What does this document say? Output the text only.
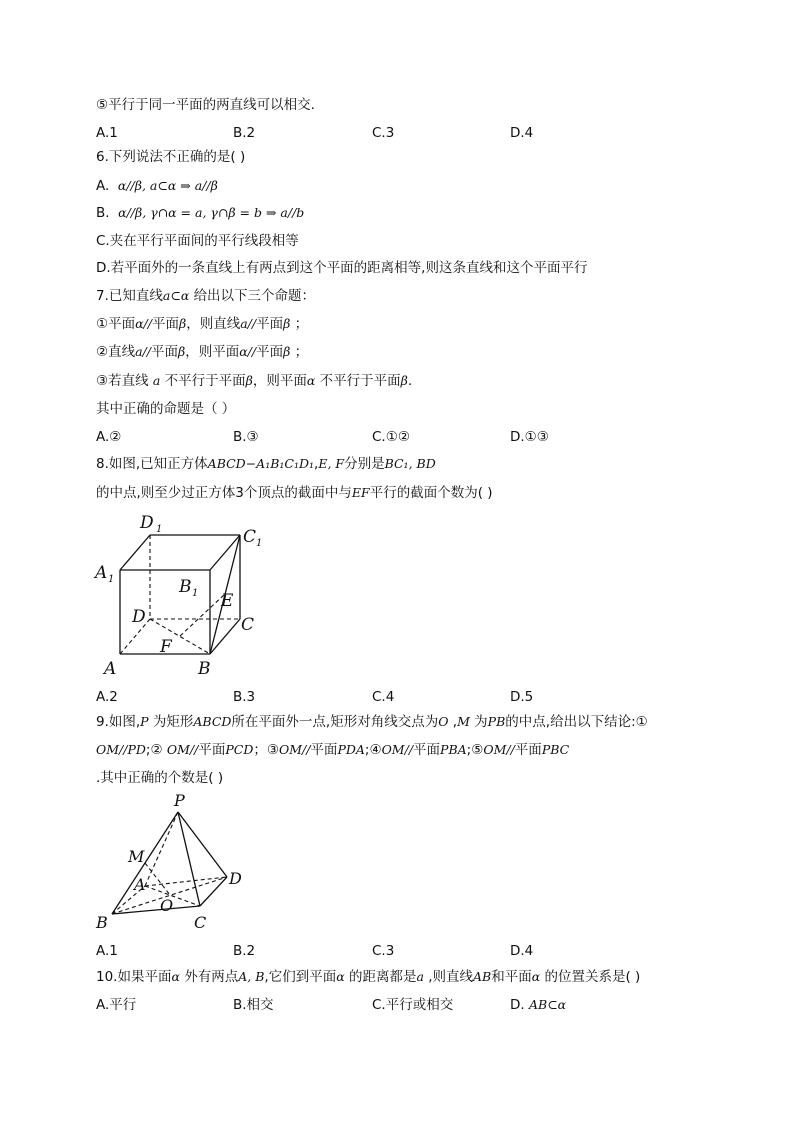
⑤平行于同一平面的两直线可以相交.
A.1	B.2	C.3	D.4
6.下列说法不正确的是( )
A. α//β, a⊂α ⇒ a//β
B. α//β, γ∩α = a, γ∩β = b ⇒ a//b
C.夹在平行平面间的平行线段相等
D.若平面外的一条直线上有两点到这个平面的距离相等,则这条直线和这个平面平行
7.已知直线a⊂α 给出以下三个命题：
①平面α//平面β，则直线a//平面β ；
②直线a//平面β，则平面α//平面β ；
③若直线 a 不平行于平面β，则平面α 不平行于平面β.
其中正确的命题是（ ）
A.②	B.③	C.①②	D.①③
8.如图,已知正方体ABCD−A₁B₁C₁D₁,E, F分别是BC₁, BD
的中点,则至少过正方体3个顶点的截面中与EF平行的截面个数为( )
D 1	C 1
A 1	B 1 E
D	C
F
A	B
A.2	B.3	C.4	D.5
9.如图,P 为矩形ABCD所在平面外一点,矩形对角线交点为O ,M 为PB的中点,给出以下结论:①
OM//PD;② OM//平面PCD；③OM//平面PDA;④OM//平面PBA;⑤OM//平面PBC
.其中正确的个数是( )
P
M
A	D
O
B	C
A.1	B.2	C.3	D.4
10.如果平面α 外有两点A, B,它们到平面α 的距离都是a ,则直线AB和平面α 的位置关系是( )
A.平行	B.相交	C.平行或相交	D. AB⊂α
